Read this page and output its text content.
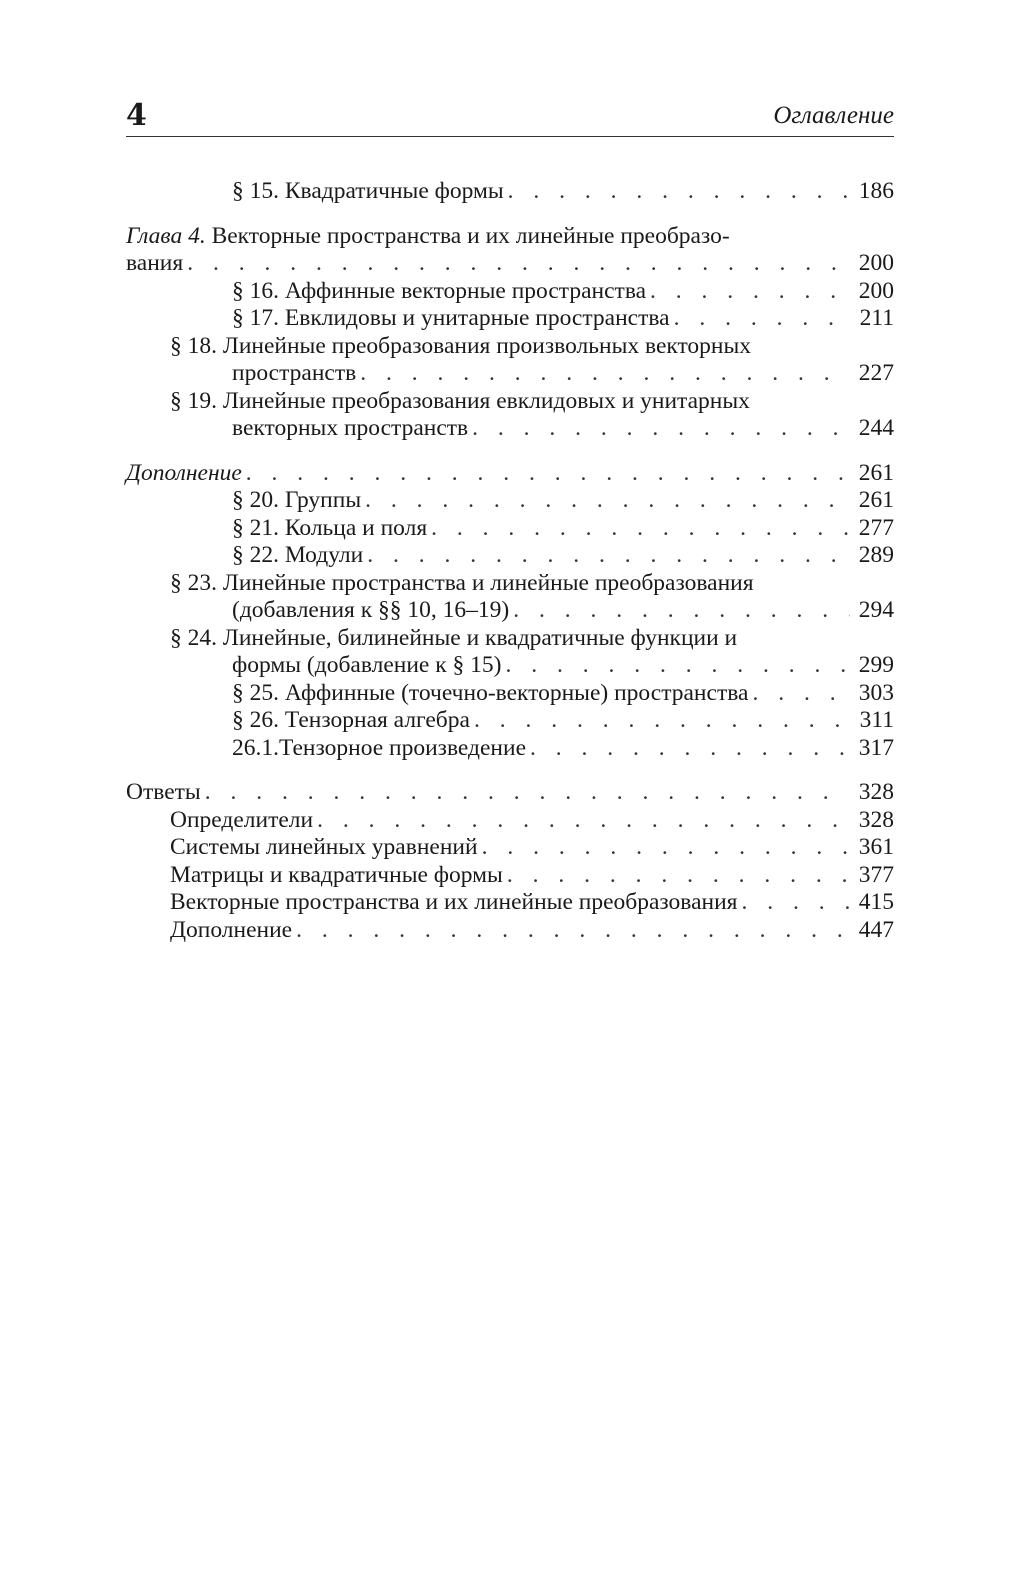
4	Оглавление
§ 15. Квадратичные формы . . .	186
Глава 4. Векторные пространства и их линейные преобразо-
вания . . .	200
§ 16. Аффинные векторные пространства . . .	200
§ 17. Евклидовы и унитарные пространства . . .	211
§ 18. Линейные преобразования произвольных векторных
пространств . . .	227
§ 19. Линейные преобразования евклидовых и унитарных
векторных пространств . . .	244
Дополнение . . .	261
§ 20. Группы . . .	261
§ 21. Кольца и поля . . .	277
§ 22. Модули . . .	289
§ 23. Линейные пространства и линейные преобразования
(добавления к §§ 10, 16–19) . . .	294
§ 24. Линейные, билинейные и квадратичные функции и
формы (добавление к § 15) . . .	299
§ 25. Аффинные (точечно-векторные) пространства . . .	303
§ 26. Тензорная алгебра . . .	311
26.1.Тензорное произведение . . .	317
Ответы . . .	328
Определители . . .	328
Системы линейных уравнений . . .	361
Матрицы и квадратичные формы . . .	377
Векторные пространства и их линейные преобразования . . .	415
Дополнение . . .	447
